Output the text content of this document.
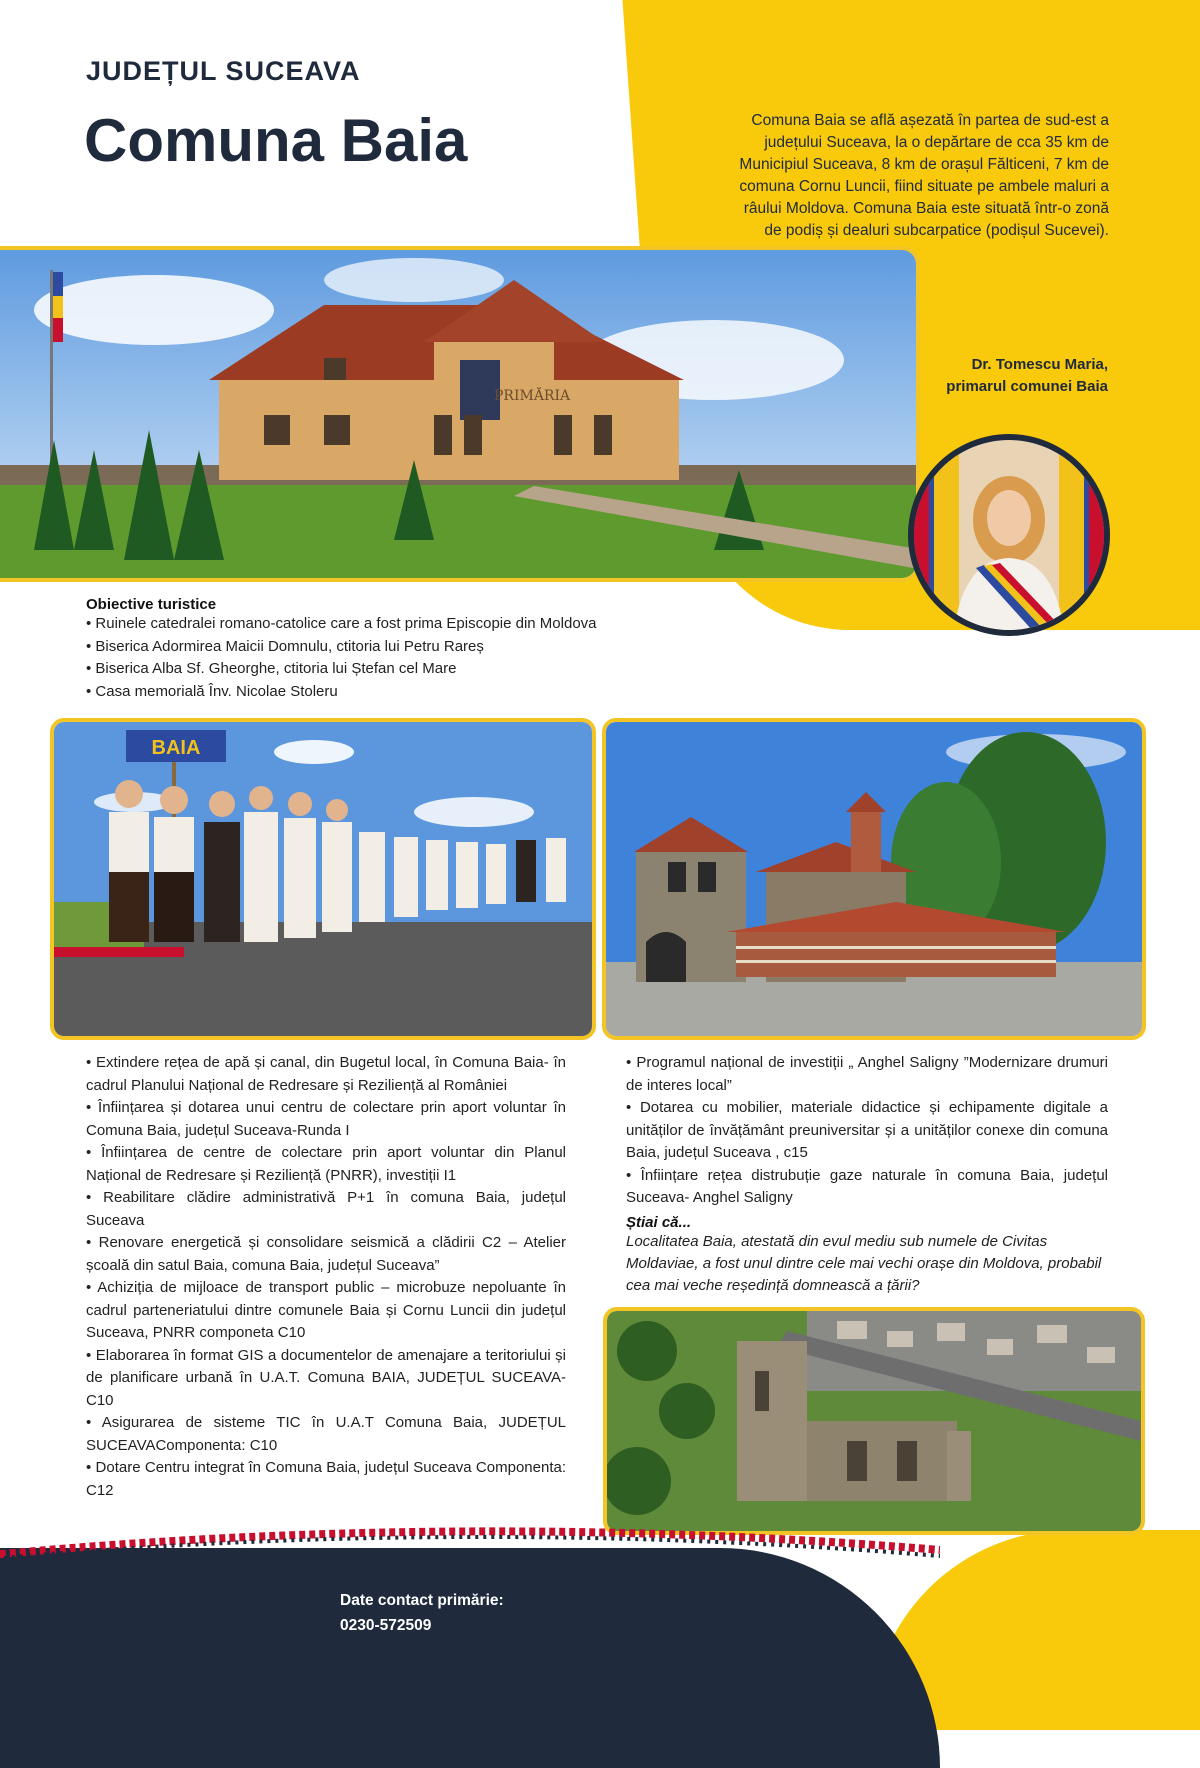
JUDEȚUL SUCEAVA
Comuna Baia	Comuna Baia se află așezată în partea de sud-est a județului Suceava, la o depărtare de cca 35 km de Municipiul Suceava, 8 km de orașul Fălticeni, 7 km de comuna Cornu Luncii, fiind situate pe ambele maluri a râului Moldova. Comuna Baia este situată într-o zonă de podiș și dealuri subcarpatice (podișul Sucevei).
Dr. Tomescu Maria,
primarul comunei Baia
PRIMĂRIA
Obiective turistice
• Ruinele catedralei romano-catolice care a fost prima Episcopie din Moldova
• Biserica Adormirea Maicii Domnulu, ctitoria lui Petru Rareș
• Biserica Alba Sf. Gheorghe, ctitoria lui Ștefan cel Mare
• Casa memorială Înv. Nicolae Stoleru
BAIA
• Extindere rețea de apă și canal, din Bugetul local, în Comuna Baia- în cadrul Planului Național de Redresare și Reziliență al României
• Înființarea și dotarea unui centru de colectare prin aport voluntar în Comuna Baia, județul Suceava-Runda I
• Înființarea de centre de colectare prin aport voluntar din Planul Național de Redresare și Reziliență (PNRR), investiții I1
• Reabilitare clădire administrativă P+1 în comuna Baia, județul Suceava
• Renovare energetică și consolidare seismică a clădirii C2 – Atelier școală din satul Baia, comuna Baia, județul Suceava”
• Achiziția de mijloace de transport public – microbuze nepoluante în cadrul parteneriatului dintre comunele Baia și Cornu Luncii din județul Suceava, PNRR componeta C10
• Elaborarea în format GIS a documentelor de amenajare a teritoriului și de planificare urbană în U.A.T. Comuna BAIA, JUDEȚUL SUCEAVA- C10
• Asigurarea de sisteme TIC în U.A.T Comuna Baia, JUDEȚUL SUCEAVAComponenta: C10
• Dotare Centru integrat în Comuna Baia, județul Suceava Componenta: C12
• Programul național de investiții „ Anghel Saligny ”Modernizare drumuri de interes local”
• Dotarea cu mobilier, materiale didactice și echipamente digitale a unităților de învățământ preuniversitar și a unităților conexe din comuna Baia, județul Suceava , c15
• Înființare rețea distrubuție gaze naturale în comuna Baia, județul Suceava- Anghel Saligny
Știai că...
Localitatea Baia, atestată din evul mediu sub numele de Civitas Moldaviae, a fost unul dintre cele mai vechi orașe din Moldova, probabil cea mai veche reședință domnească a țării?
Date contact primărie:
0230-572509
